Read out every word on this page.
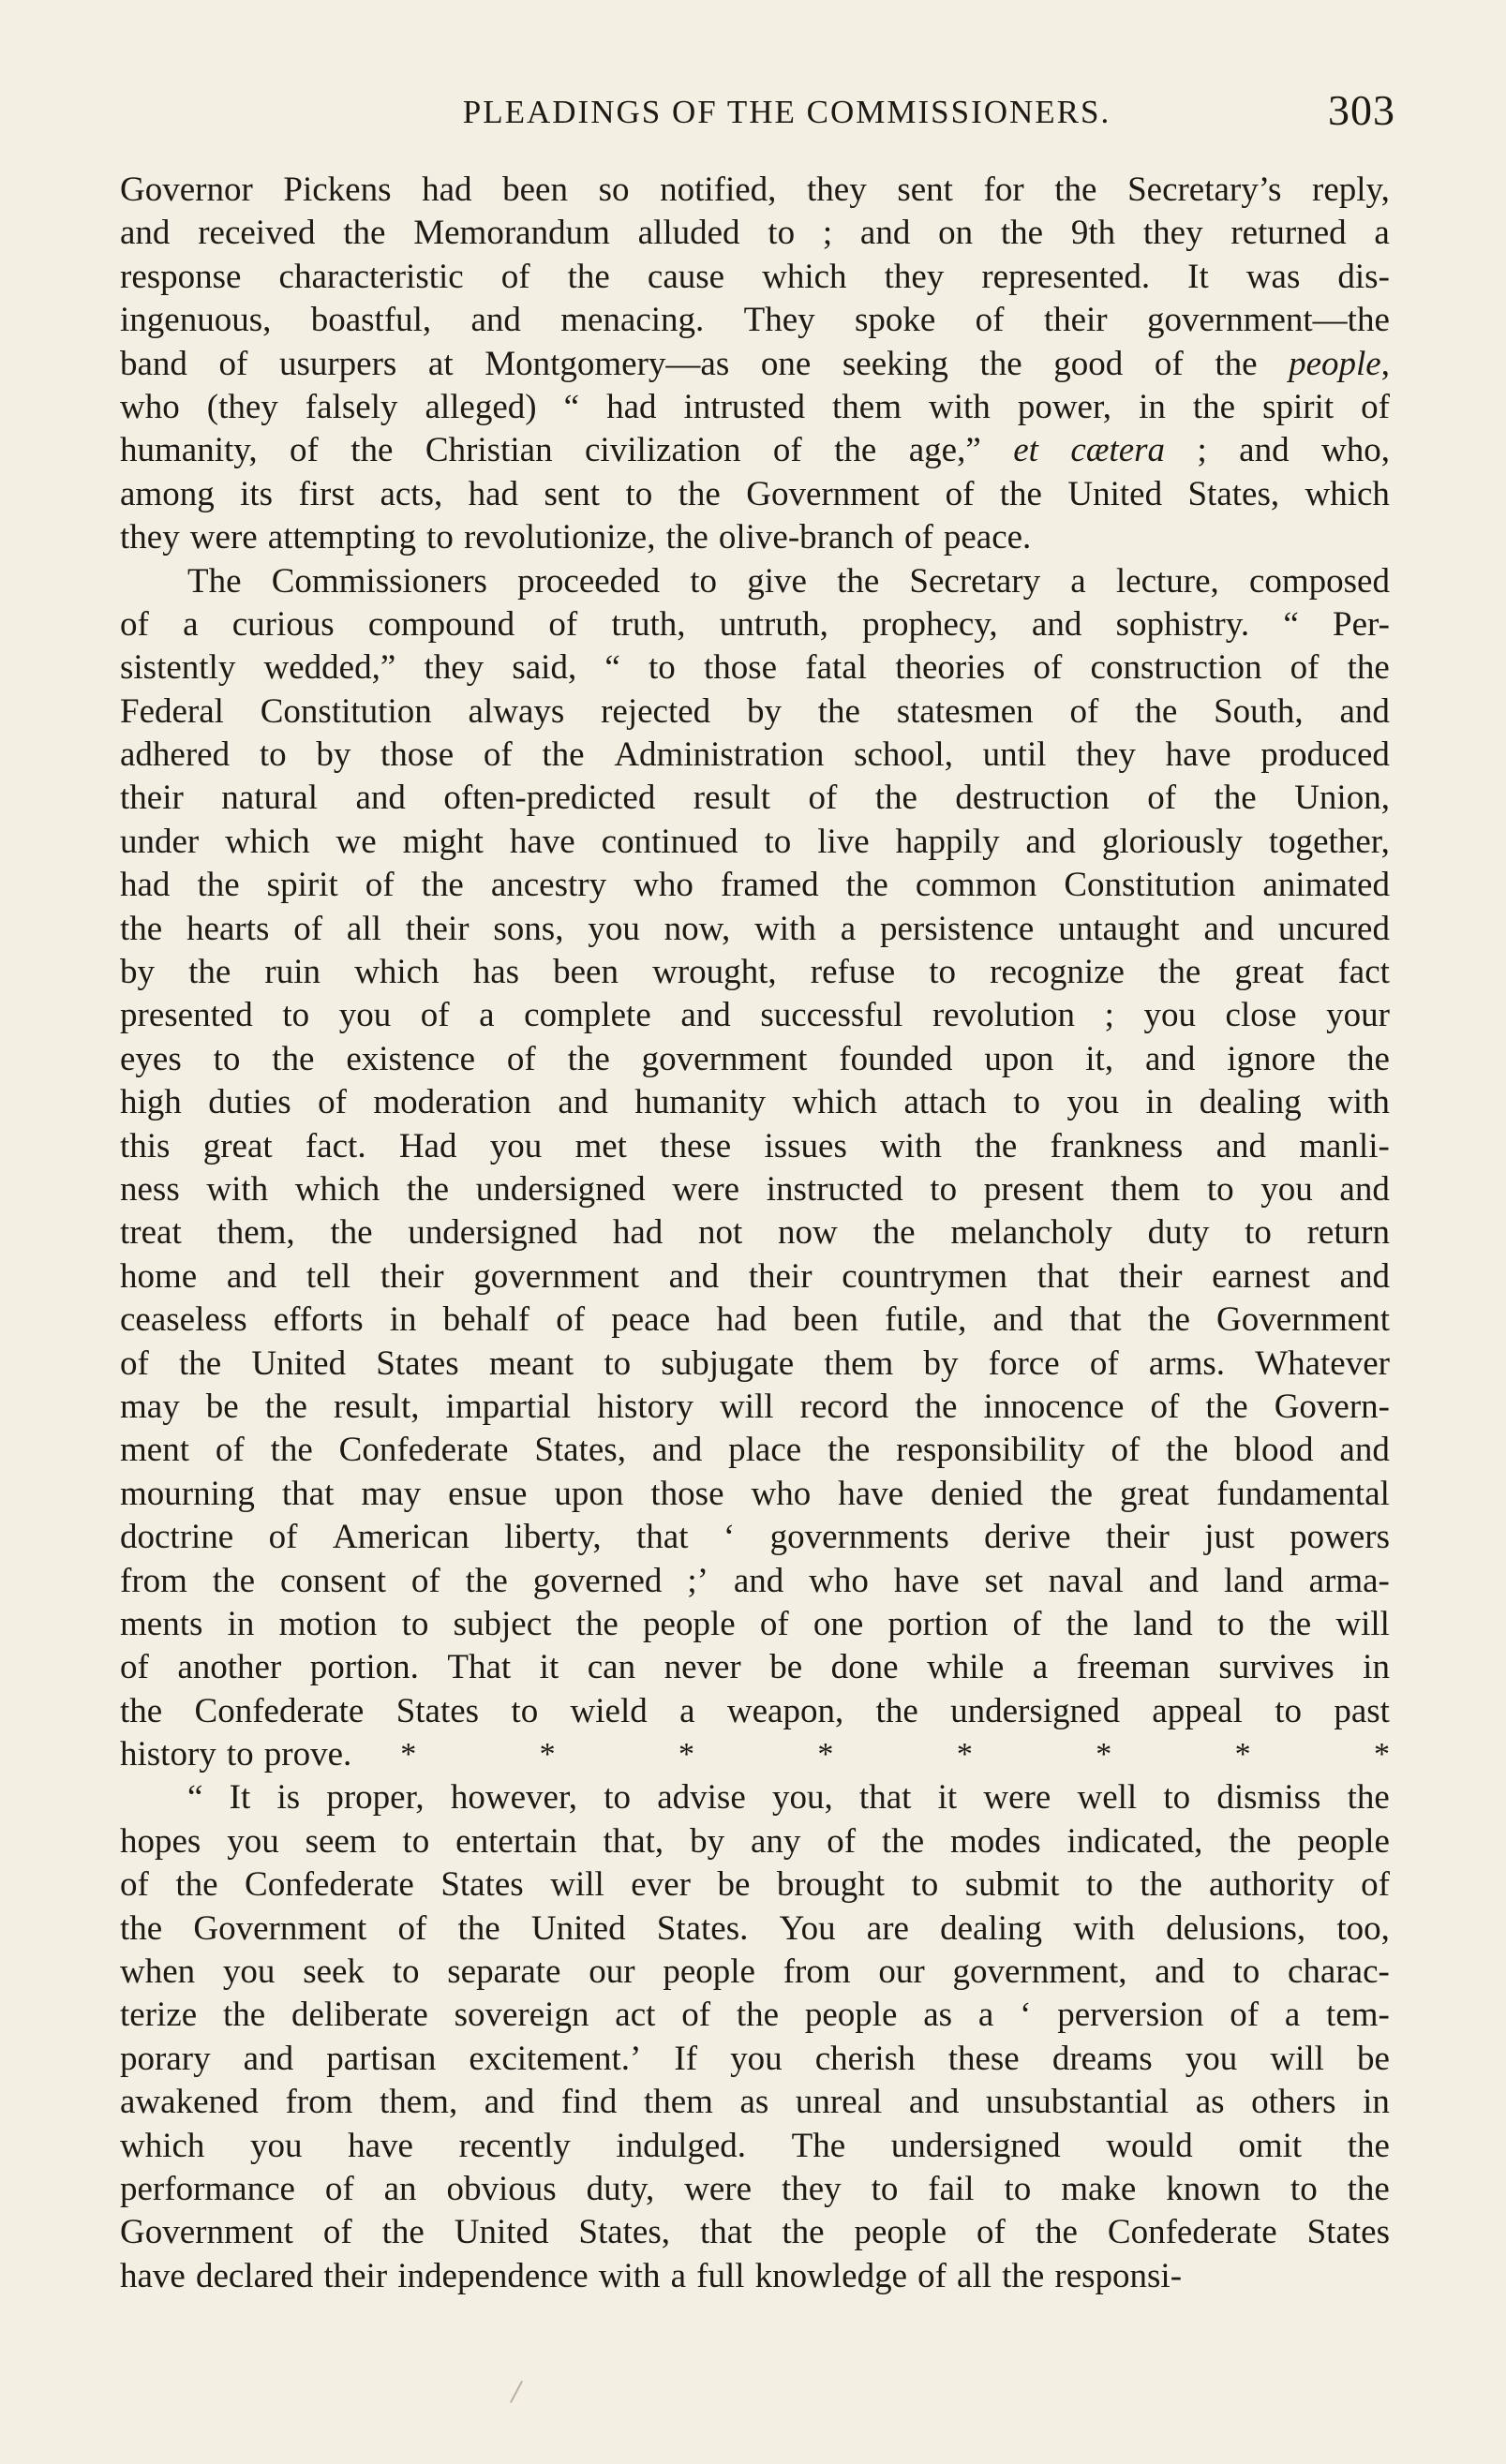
PLEADINGS OF THE COMMISSIONERS.	303
Governor Pickens had been so notified, they sent for the Secretary’s reply,
and received the Memorandum alluded to ; and on the 9th they returned a
response characteristic of the cause which they represented. It was dis-
ingenuous, boastful, and menacing. They spoke of their government—the
band of usurpers at Montgomery—as one seeking the good of the people,
who (they falsely alleged) “ had intrusted them with power, in the spirit of
humanity, of the Christian civilization of the age,” et cætera ; and who,
among its first acts, had sent to the Government of the United States, which
they were attempting to revolutionize, the olive-branch of peace.
The Commissioners proceeded to give the Secretary a lecture, composed
of a curious compound of truth, untruth, prophecy, and sophistry. “ Per-
sistently wedded,” they said, “ to those fatal theories of construction of the
Federal Constitution always rejected by the statesmen of the South, and
adhered to by those of the Administration school, until they have produced
their natural and often-predicted result of the destruction of the Union,
under which we might have continued to live happily and gloriously together,
had the spirit of the ancestry who framed the common Constitution animated
the hearts of all their sons, you now, with a persistence untaught and uncured
by the ruin which has been wrought, refuse to recognize the great fact
presented to you of a complete and successful revolution ; you close your
eyes to the existence of the government founded upon it, and ignore the
high duties of moderation and humanity which attach to you in dealing with
this great fact. Had you met these issues with the frankness and manli-
ness with which the undersigned were instructed to present them to you and
treat them, the undersigned had not now the melancholy duty to return
home and tell their government and their countrymen that their earnest and
ceaseless efforts in behalf of peace had been futile, and that the Government
of the United States meant to subjugate them by force of arms. Whatever
may be the result, impartial history will record the innocence of the Govern-
ment of the Confederate States, and place the responsibility of the blood and
mourning that may ensue upon those who have denied the great fundamental
doctrine of American liberty, that ‘ governments derive their just powers
from the consent of the governed ;’ and who have set naval and land arma-
ments in motion to subject the people of one portion of the land to the will
of another portion. That it can never be done while a freeman survives in
the Confederate States to wield a weapon, the undersigned appeal to past
history to prove. *	*	*	*	*	*	*	*
“ It is proper, however, to advise you, that it were well to dismiss the
hopes you seem to entertain that, by any of the modes indicated, the people
of the Confederate States will ever be brought to submit to the authority of
the Government of the United States. You are dealing with delusions, too,
when you seek to separate our people from our government, and to charac-
terize the deliberate sovereign act of the people as a ‘ perversion of a tem-
porary and partisan excitement.’ If you cherish these dreams you will be
awakened from them, and find them as unreal and unsubstantial as others in
which you have recently indulged. The undersigned would omit the
performance of an obvious duty, were they to fail to make known to the
Government of the United States, that the people of the Confederate States
have declared their independence with a full knowledge of all the responsi-
